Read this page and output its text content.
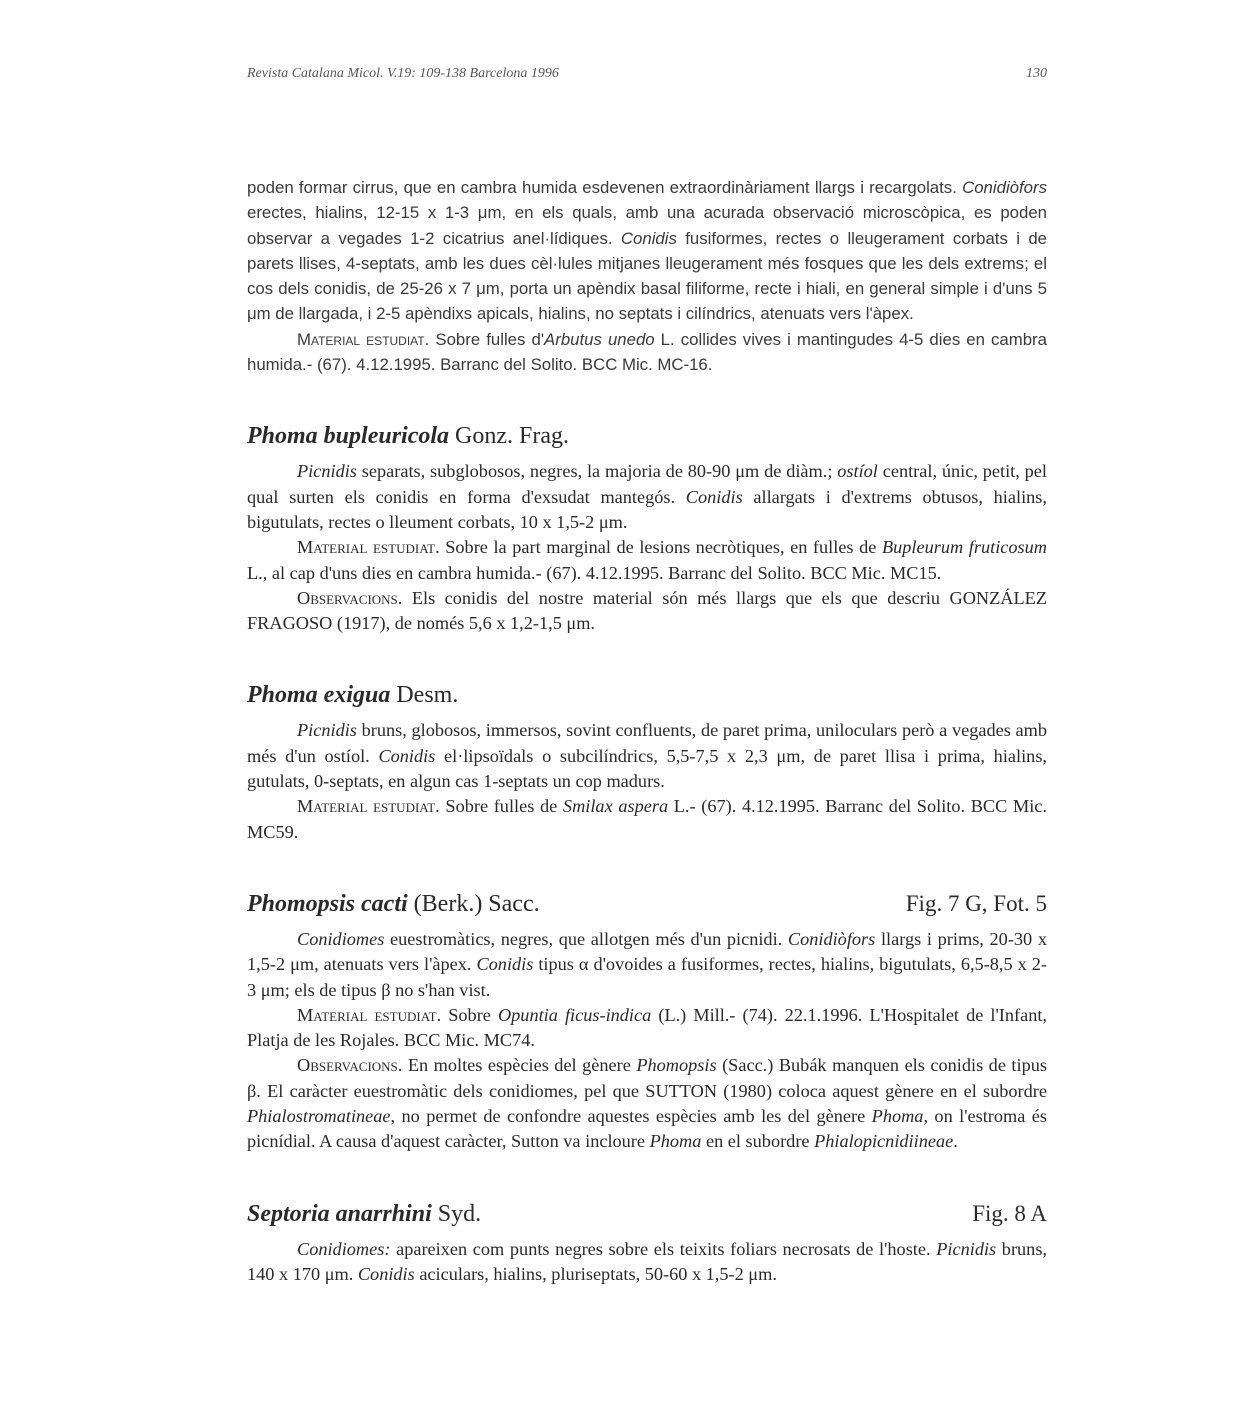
Revista Catalana Micol. V.19: 109-138 Barcelona 1996	130

poden formar cirrus, que en cambra humida esdevenen extraordinàriament llargs i recargolats. Conidiòfors erectes, hialins, 12-15 x 1-3 μm, en els quals, amb una acurada observació microscòpica, es poden observar a vegades 1-2 cicatrius anel·lídiques. Conidis fusiformes, rectes o lleugerament corbats i de parets llises, 4-septats, amb les dues cèl·lules mitjanes lleugerament més fosques que les dels extrems; el cos dels conidis, de 25-26 x 7 μm, porta un apèndix basal filiforme, recte i hiali, en general simple i d'uns 5 μm de llargada, i 2-5 apèndixs apicals, hialins, no septats i cilíndrics, atenuats vers l'àpex.

Material estudiat. Sobre fulles d'Arbutus unedo L. collides vives i mantingudes 4-5 dies en cambra humida.- (67). 4.12.1995. Barranc del Solito. BCC Mic. MC-16.

Phoma bupleuricola Gonz. Frag.

Picnidis separats, subglobosos, negres, la majoria de 80-90 μm de diàm.; ostíol central, únic, petit, pel qual surten els conidis en forma d'exsudat mantegós. Conidis allargats i d'extrems obtusos, hialins, bigutulats, rectes o lleument corbats, 10 x 1,5-2 μm.

Material estudiat. Sobre la part marginal de lesions necròtiques, en fulles de Bupleurum fruticosum L., al cap d'uns dies en cambra humida.- (67). 4.12.1995. Barranc del Solito. BCC Mic. MC15.

Observacions. Els conidis del nostre material són més llargs que els que descriu GONZÁLEZ FRAGOSO (1917), de només 5,6 x 1,2-1,5 μm.

Phoma exigua Desm.

Picnidis bruns, globosos, immersos, sovint confluents, de paret prima, uniloculars però a vegades amb més d'un ostíol. Conidis el·lipsoïdals o subcilíndrics, 5,5-7,5 x 2,3 μm, de paret llisa i prima, hialins, gutulats, 0-septats, en algun cas 1-septats un cop madurs.

Material estudiat. Sobre fulles de Smilax aspera L.- (67). 4.12.1995. Barranc del Solito. BCC Mic. MC59.

Phomopsis cacti (Berk.) Sacc.	Fig. 7 G, Fot. 5

Conidiomes euestromàtics, negres, que allotgen més d'un picnidi. Conidiòfors llargs i prims, 20-30 x 1,5-2 μm, atenuats vers l'àpex. Conidis tipus α d'ovoides a fusiformes, rectes, hialins, bigutulats, 6,5-8,5 x 2-3 μm; els de tipus β no s'han vist.

Material estudiat. Sobre Opuntia ficus-indica (L.) Mill.- (74). 22.1.1996. L'Hospitalet de l'Infant, Platja de les Rojales. BCC Mic. MC74.

Observacions. En moltes espècies del gènere Phomopsis (Sacc.) Bubák manquen els conidis de tipus β. El caràcter euestromàtic dels conidiomes, pel que SUTTON (1980) coloca aquest gènere en el subordre Phialostromatineae, no permet de confondre aquestes espècies amb les del gènere Phoma, on l'estroma és picnídial. A causa d'aquest caràcter, Sutton va incloure Phoma en el subordre Phialopicnidiineae.

Septoria anarrhini Syd.	Fig. 8 A

Conidiomes: apareixen com punts negres sobre els teixits foliars necrosats de l'hoste. Picnidis bruns, 140 x 170 μm. Conidis aciculars, hialins, pluriseptats, 50-60 x 1,5-2 μm.
